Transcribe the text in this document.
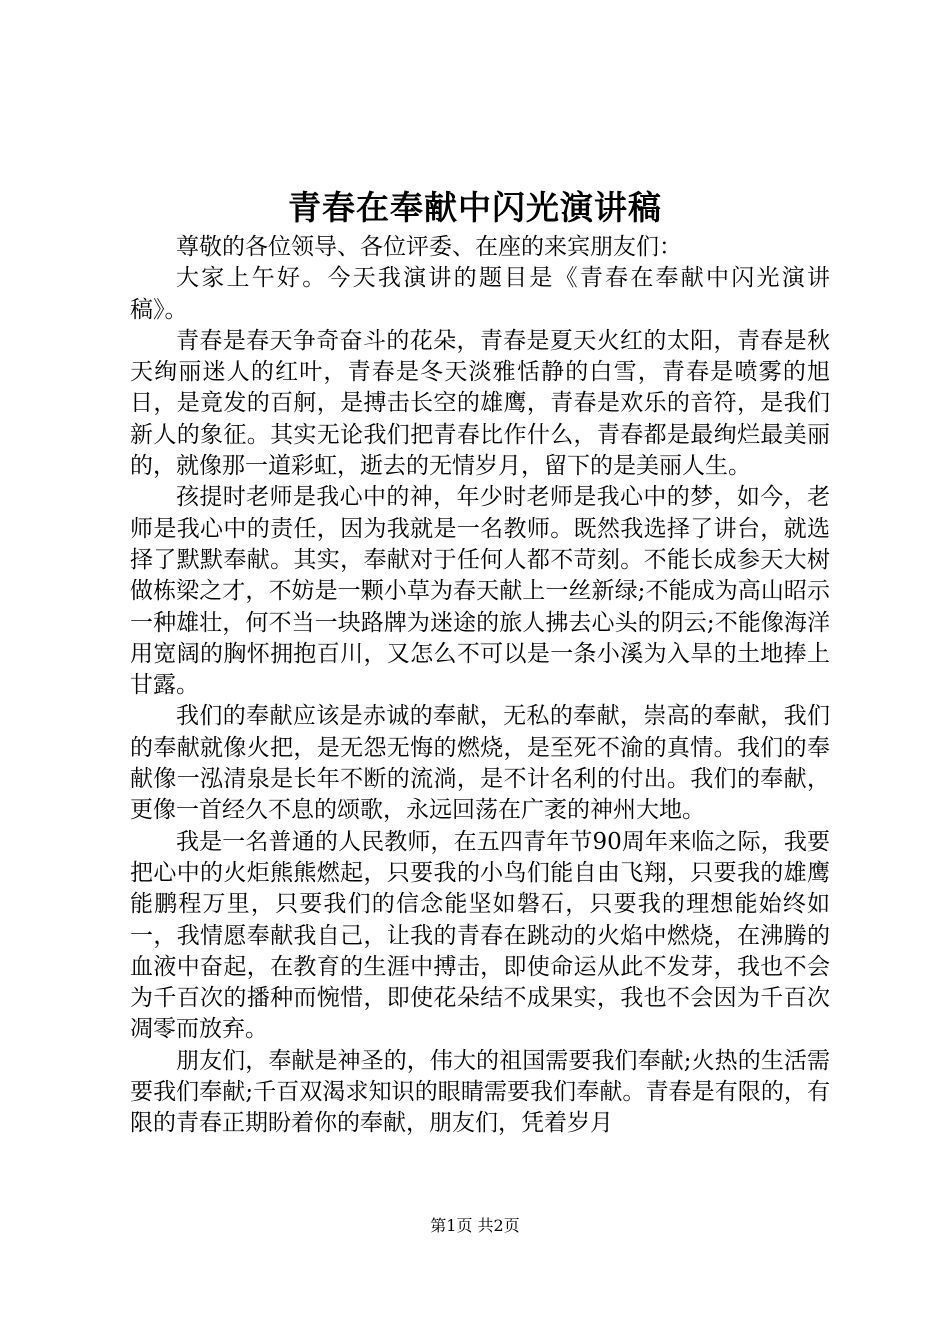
青春在奉献中闪光演讲稿

尊敬的各位领导、各位评委、在座的来宾朋友们：

大家上午好。今天我演讲的题目是《青春在奉献中闪光演讲稿》。

青春是春天争奇奋斗的花朵，青春是夏天火红的太阳，青春是秋天绚丽迷人的红叶，青春是冬天淡雅恬静的白雪，青春是喷雾的旭日，是竟发的百舸，是搏击长空的雄鹰，青春是欢乐的音符，是我们新人的象征。其实无论我们把青春比作什么，青春都是最绚烂最美丽的，就像那一道彩虹，逝去的无情岁月，留下的是美丽人生。

孩提时老师是我心中的神，年少时老师是我心中的梦，如今，老师是我心中的责任，因为我就是一名教师。既然我选择了讲台，就选择了默默奉献。其实，奉献对于任何人都不苛刻。不能长成参天大树做栋梁之才，不妨是一颗小草为春天献上一丝新绿;不能成为高山昭示一种雄壮，何不当一块路牌为迷途的旅人拂去心头的阴云;不能像海洋用宽阔的胸怀拥抱百川，又怎么不可以是一条小溪为入旱的土地捧上甘露。

我们的奉献应该是赤诚的奉献，无私的奉献，崇高的奉献，我们的奉献就像火把，是无怨无悔的燃烧，是至死不渝的真情。我们的奉献像一泓清泉是长年不断的流淌，是不计名利的付出。我们的奉献，更像一首经久不息的颂歌，永远回荡在广袤的神州大地。

我是一名普通的人民教师，在五四青年节90周年来临之际，我要把心中的火炬熊熊燃起，只要我的小鸟们能自由飞翔，只要我的雄鹰能鹏程万里，只要我们的信念能坚如磐石，只要我的理想能始终如一，我情愿奉献我自己，让我的青春在跳动的火焰中燃烧，在沸腾的血液中奋起，在教育的生涯中搏击，即使命运从此不发芽，我也不会为千百次的播种而惋惜，即使花朵结不成果实，我也不会因为千百次凋零而放弃。

朋友们，奉献是神圣的，伟大的祖国需要我们奉献;火热的生活需要我们奉献;千百双渴求知识的眼睛需要我们奉献。青春是有限的，有限的青春正期盼着你的奉献，朋友们，凭着岁月

第1页 共2页
